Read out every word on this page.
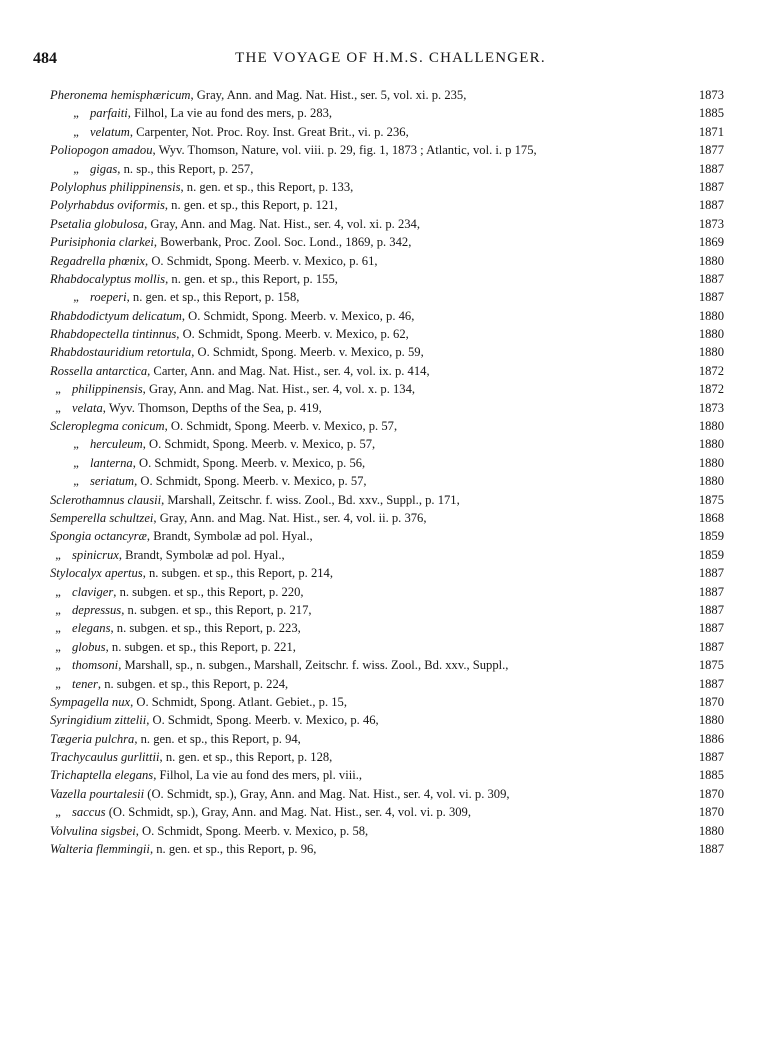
484	THE VOYAGE OF H.M.S. CHALLENGER.
Pheronema hemisphæricum, Gray, Ann. and Mag. Nat. Hist., ser. 5, vol. xi. p. 235,	1873
„ parfaiti, Filhol, La vie au fond des mers, p. 283,	1885
„ velatum, Carpenter, Not. Proc. Roy. Inst. Great Brit., vi. p. 236,	1871
Poliopogon amadou, Wyv. Thomson, Nature, vol. viii. p. 29, fig. 1, 1873 ; Atlantic, vol. i. p 175,	1877
„ gigas, n. sp., this Report, p. 257,	1887
Polylophus philippinensis, n. gen. et sp., this Report, p. 133,	1887
Polyrhabdus oviformis, n. gen. et sp., this Report, p. 121,	1887
Psetalia globulosa, Gray, Ann. and Mag. Nat. Hist., ser. 4, vol. xi. p. 234,	1873
Purisiphonia clarkei, Bowerbank, Proc. Zool. Soc. Lond., 1869, p. 342,	1869
Regadrella phœnix, O. Schmidt, Spong. Meerb. v. Mexico, p. 61,	1880
Rhabdocalyptus mollis, n. gen. et sp., this Report, p. 155,	1887
„ roeperi, n. gen. et sp., this Report, p. 158,	1887
Rhabdodictyum delicatum, O. Schmidt, Spong. Meerb. v. Mexico, p. 46,	1880
Rhabdopectella tintinnus, O. Schmidt, Spong. Meerb. v. Mexico, p. 62,	1880
Rhabdostauridium retortula, O. Schmidt, Spong. Meerb. v. Mexico, p. 59,	1880
Rossella antarctica, Carter, Ann. and Mag. Nat. Hist., ser. 4, vol. ix. p. 414,	1872
„ philippinensis, Gray, Ann. and Mag. Nat. Hist., ser. 4, vol. x. p. 134,	1872
„ velata, Wyv. Thomson, Depths of the Sea, p. 419,	1873
Scleroplegma conicum, O. Schmidt, Spong. Meerb. v. Mexico, p. 57,	1880
„ herculeum, O. Schmidt, Spong. Meerb. v. Mexico, p. 57,	1880
„ lanterna, O. Schmidt, Spong. Meerb. v. Mexico, p. 56,	1880
„ seriatum, O. Schmidt, Spong. Meerb. v. Mexico, p. 57,	1880
Sclerothamnus clausii, Marshall, Zeitschr. f. wiss. Zool., Bd. xxv., Suppl., p. 171,	1875
Semperella schultzei, Gray, Ann. and Mag. Nat. Hist., ser. 4, vol. ii. p. 376,	1868
Spongia octancyræ, Brandt, Symbolæ ad pol. Hyal.,	1859
„ spinicrux, Brandt, Symbolæ ad pol. Hyal.,	1859
Stylocalyx apertus, n. subgen. et sp., this Report, p. 214,	1887
„ claviger, n. subgen. et sp., this Report, p. 220,	1887
„ depressus, n. subgen. et sp., this Report, p. 217,	1887
„ elegans, n. subgen. et sp., this Report, p. 223,	1887
„ globus, n. subgen. et sp., this Report, p. 221,	1887
„ thomsoni, Marshall, sp., n. subgen., Marshall, Zeitschr. f. wiss. Zool., Bd. xxv., Suppl.,	1875
„ tener, n. subgen. et sp., this Report, p. 224,	1887
Sympagella nux, O. Schmidt, Spong. Atlant. Gebiet., p. 15,	1870
Syringidium zittelii, O. Schmidt, Spong. Meerb. v. Mexico, p. 46,	1880
Tægeria pulchra, n. gen. et sp., this Report, p. 94,	1886
Trachycaulus gurlittii, n. gen. et sp., this Report, p. 128,	1887
Trichaptella elegans, Filhol, La vie au fond des mers, pl. viii.,	1885
Vazella pourtalesii (O. Schmidt, sp.), Gray, Ann. and Mag. Nat. Hist., ser. 4, vol. vi. p. 309,	1870
„ saccus (O. Schmidt, sp.), Gray, Ann. and Mag. Nat. Hist., ser. 4, vol. vi. p. 309,	1870
Volvulina sigsbei, O. Schmidt, Spong. Meerb. v. Mexico, p. 58,	1880
Walteria flemmingii, n. gen. et sp., this Report, p. 96,	1887
